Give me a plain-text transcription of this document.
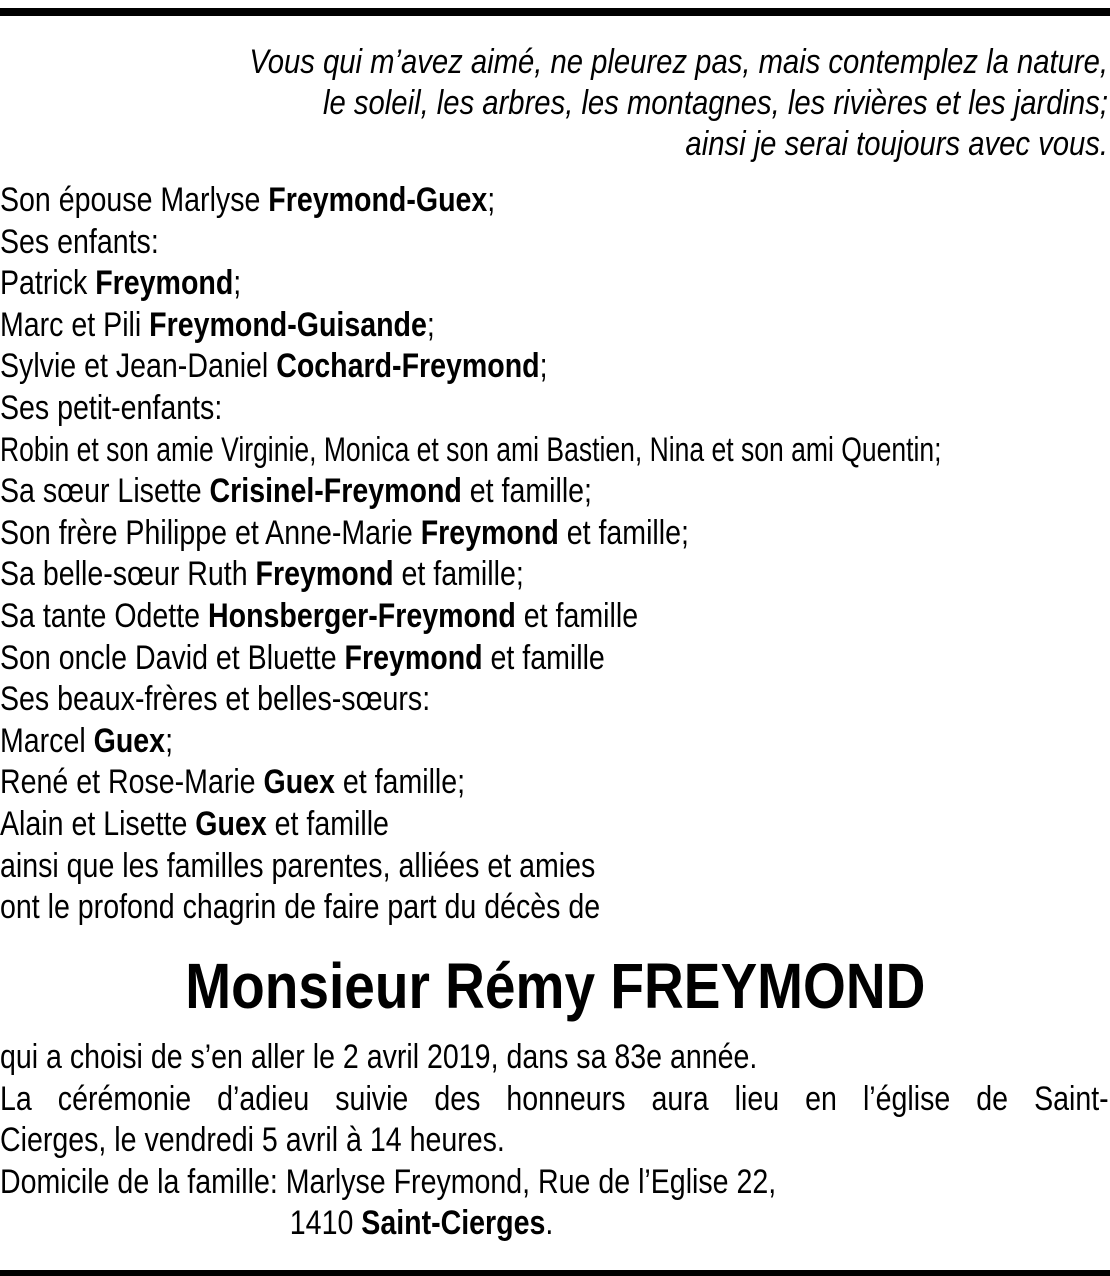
Vous qui m’avez aimé, ne pleurez pas, mais contemplez la nature,
le soleil, les arbres, les montagnes, les rivières et les jardins;
ainsi je serai toujours avec vous.
Son épouse Marlyse Freymond-Guex;
Ses enfants:
Patrick Freymond;
Marc et Pili Freymond-Guisande;
Sylvie et Jean-Daniel Cochard-Freymond;
Ses petit-enfants:
Robin et son amie Virginie, Monica et son ami Bastien, Nina et son ami Quentin;
Sa sœur Lisette Crisinel-Freymond et famille;
Son frère Philippe et Anne-Marie Freymond et famille;
Sa belle-sœur Ruth Freymond et famille;
Sa tante Odette Honsberger-Freymond et famille
Son oncle David et Bluette Freymond et famille
Ses beaux-frères et belles-sœurs:
Marcel Guex;
René et Rose-Marie Guex et famille;
Alain et Lisette Guex et famille
ainsi que les familles parentes, alliées et amies
ont le profond chagrin de faire part du décès de
Monsieur Rémy FREYMOND
qui a choisi de s’en aller le 2 avril 2019, dans sa 83e année.
La cérémonie d’adieu suivie des honneurs aura lieu en l’église de Saint-
Cierges, le vendredi 5 avril à 14 heures.
Domicile de la famille: Marlyse Freymond, Rue de l’Eglise 22,
1410 Saint-Cierges.
